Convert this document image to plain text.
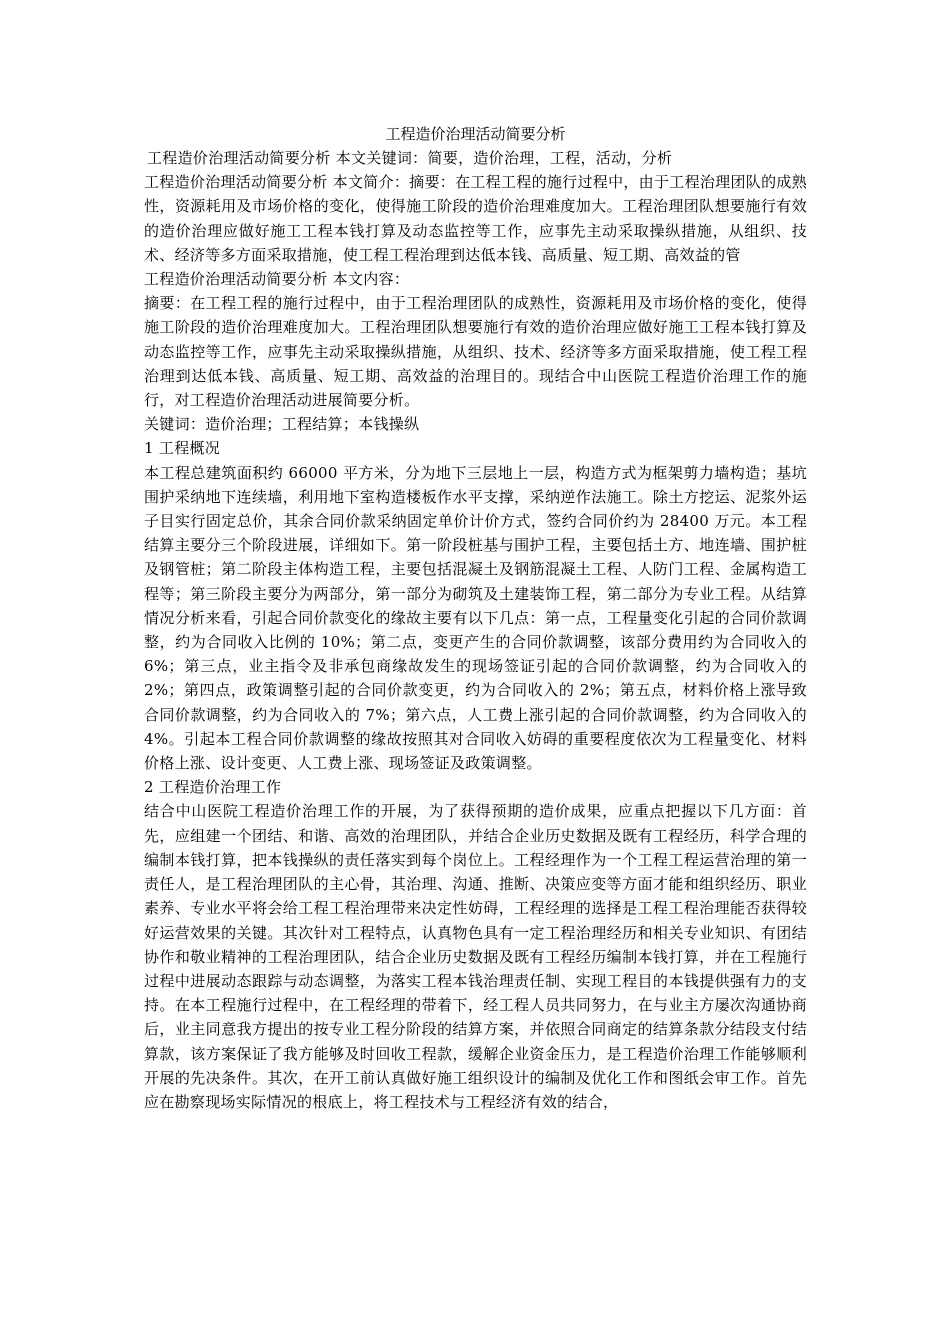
工程造价治理活动简要分析

工程造价治理活动简要分析 本文关键词：简要，造价治理，工程，活动，分析

工程造价治理活动简要分析 本文简介：摘要：在工程工程的施行过程中，由于工程治理团队的成熟性，资源耗用及市场价格的变化，使得施工阶段的造价治理难度加大。工程治理团队想要施行有效的造价治理应做好施工工程本钱打算及动态监控等工作，应事先主动采取操纵措施，从组织、技术、经济等多方面采取措施，使工程工程治理到达低本钱、高质量、短工期、高效益的管

工程造价治理活动简要分析 本文内容：

摘要：在工程工程的施行过程中，由于工程治理团队的成熟性，资源耗用及市场价格的变化，使得施工阶段的造价治理难度加大。工程治理团队想要施行有效的造价治理应做好施工工程本钱打算及动态监控等工作，应事先主动采取操纵措施，从组织、技术、经济等多方面采取措施，使工程工程治理到达低本钱、高质量、短工期、高效益的治理目的。现结合中山医院工程造价治理工作的施行，对工程造价治理活动进展简要分析。

关键词：造价治理；工程结算；本钱操纵

1 工程概况

本工程总建筑面积约 66000 平方米，分为地下三层地上一层，构造方式为框架剪力墙构造；基坑围护采纳地下连续墙，利用地下室构造楼板作水平支撑，采纳逆作法施工。除土方挖运、泥浆外运子目实行固定总价，其余合同价款采纳固定单价计价方式，签约合同价约为 28400 万元。本工程结算主要分三个阶段进展，详细如下。第一阶段桩基与围护工程，主要包括土方、地连墙、围护桩及钢管桩；第二阶段主体构造工程，主要包括混凝土及钢筋混凝土工程、人防门工程、金属构造工程等；第三阶段主要分为两部分，第一部分为砌筑及土建装饰工程，第二部分为专业工程。从结算情况分析来看，引起合同价款变化的缘故主要有以下几点：第一点，工程量变化引起的合同价款调整，约为合同收入比例的 10%；第二点，变更产生的合同价款调整，该部分费用约为合同收入的 6%；第三点，业主指令及非承包商缘故发生的现场签证引起的合同价款调整，约为合同收入的 2%；第四点，政策调整引起的合同价款变更，约为合同收入的 2%；第五点，材料价格上涨导致合同价款调整，约为合同收入的 7%；第六点，人工费上涨引起的合同价款调整，约为合同收入的 4%。引起本工程合同价款调整的缘故按照其对合同收入妨碍的重要程度依次为工程量变化、材料价格上涨、设计变更、人工费上涨、现场签证及政策调整。

2 工程造价治理工作

结合中山医院工程造价治理工作的开展，为了获得预期的造价成果，应重点把握以下几方面：首先，应组建一个团结、和谐、高效的治理团队，并结合企业历史数据及既有工程经历，科学合理的编制本钱打算，把本钱操纵的责任落实到每个岗位上。工程经理作为一个工程工程运营治理的第一责任人，是工程治理团队的主心骨，其治理、沟通、推断、决策应变等方面才能和组织经历、职业素养、专业水平将会给工程工程治理带来决定性妨碍，工程经理的选择是工程工程治理能否获得较好运营效果的关键。其次针对工程特点，认真物色具有一定工程治理经历和相关专业知识、有团结协作和敬业精神的工程治理团队，结合企业历史数据及既有工程经历编制本钱打算，并在工程施行过程中进展动态跟踪与动态调整，为落实工程本钱治理责任制、实现工程目的本钱提供强有力的支持。在本工程施行过程中，在工程经理的带着下，经工程人员共同努力，在与业主方屡次沟通协商后，业主同意我方提出的按专业工程分阶段的结算方案，并依照合同商定的结算条款分结段支付结算款，该方案保证了我方能够及时回收工程款，缓解企业资金压力，是工程造价治理工作能够顺利开展的先决条件。其次，在开工前认真做好施工组织设计的编制及优化工作和图纸会审工作。首先应在勘察现场实际情况的根底上，将工程技术与工程经济有效的结合，
